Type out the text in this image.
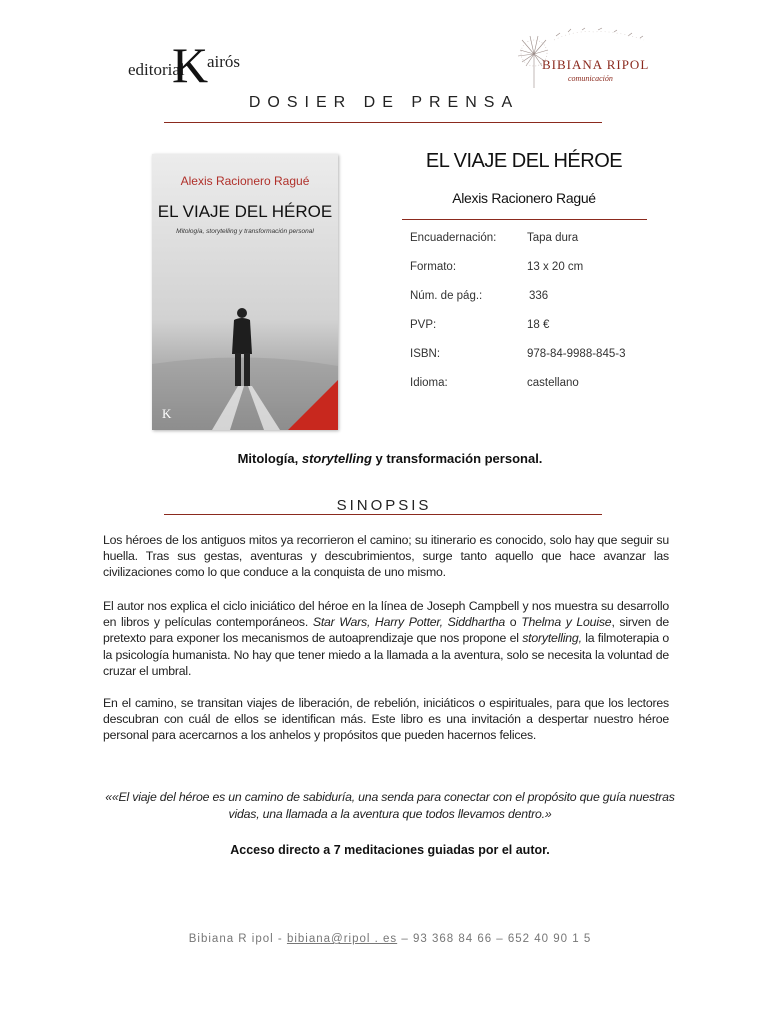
editorial
K
airós	BIBIANA RIPOL
comunicación
DOSIER DE PRENSA
Alexis Racionero Ragué
EL VIAJE DEL HÉROE
Mitología, storytelling y transformación personal
K
EL VIAJE DEL HÉROE
Alexis Racionero Ragué
Encuadernación:	Tapa dura
Formato:	13 x 20 cm
Núm. de pág.:	336
PVP:	18 €
ISBN:	978-84-9988-845-3
Idioma:	castellano
Mitología, storytelling y transformación personal.
SINOPSIS
Los héroes de los antiguos mitos ya recorrieron el camino; su itinerario es conocido, solo hay que seguir su huella. Tras sus gestas, aventuras y descubrimientos, surge tanto aquello que hace avanzar las civilizaciones como lo que conduce a la conquista de uno mismo.
El autor nos explica el ciclo iniciático del héroe en la línea de Joseph Campbell y nos muestra su desarrollo en libros y películas contemporáneos. Star Wars, Harry Potter, Siddhartha o Thelma y Louise, sirven de pretexto para exponer los mecanismos de autoaprendizaje que nos propone el storytelling, la filmoterapia o la psicología humanista. No hay que tener miedo a la llamada a la aventura, solo se necesita la voluntad de cruzar el umbral.
En el camino, se transitan viajes de liberación, de rebelión, iniciáticos o espirituales, para que los lectores descubran con cuál de ellos se identifican más. Este libro es una invitación a despertar nuestro héroe personal para acercarnos a los anhelos y propósitos que pueden hacernos felices.
««El viaje del héroe es un camino de sabiduría, una senda para conectar con el propósito que guía nuestras
vidas, una llamada a la aventura que todos llevamos dentro.»
Acceso directo a 7 meditaciones guiadas por el autor.
Bibiana R ipol - bibiana@ripol . es – 93 368 84 66 – 652 40 90 1 5
